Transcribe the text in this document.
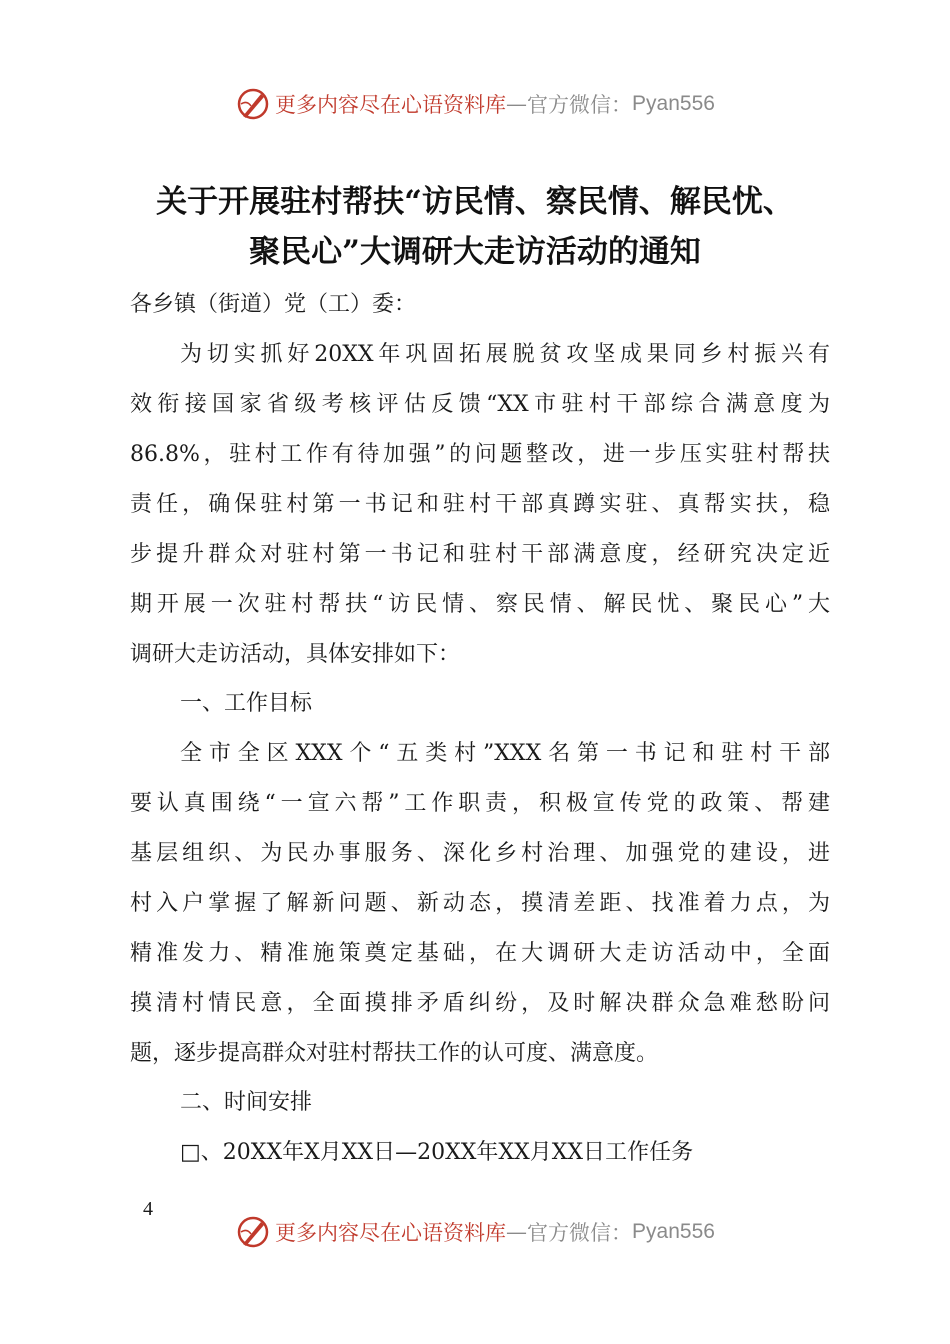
更多内容尽在心语资料库 — 官方微信： Pyan556
关于开展驻村帮扶“访民情、察民情、解民忧、
聚民心”大调研大走访活动的通知
各乡镇（街道）党（工）委：
为切实抓好20XX年巩固拓展脱贫攻坚成果同乡村振兴有
效衔接国家省级考核评估反馈“XX市驻村干部综合满意度为
86.8%，驻村工作有待加强”的问题整改，进一步压实驻村帮扶
责任，确保驻村第一书记和驻村干部真蹲实驻、真帮实扶，稳
步提升群众对驻村第一书记和驻村干部满意度，经研究决定近
期开展一次驻村帮扶“访民情、察民情、解民忧、聚民心”大
调研大走访活动，具体安排如下：
一、工作目标
全市全区XXX个“五类村”XXX名第一书记和驻村干部
要认真围绕“一宣六帮”工作职责，积极宣传党的政策、帮建
基层组织、为民办事服务、深化乡村治理、加强党的建设，进
村入户掌握了解新问题、新动态，摸清差距、找准着力点，为
精准发力、精准施策奠定基础，在大调研大走访活动中，全面
摸清村情民意，全面摸排矛盾纠纷，及时解决群众急难愁盼问
题，逐步提高群众对驻村帮扶工作的认可度、满意度。
二、时间安排
□、20XX年X月XX日—20XX年XX月XX日工作任务
4
更多内容尽在心语资料库 — 官方微信： Pyan556
